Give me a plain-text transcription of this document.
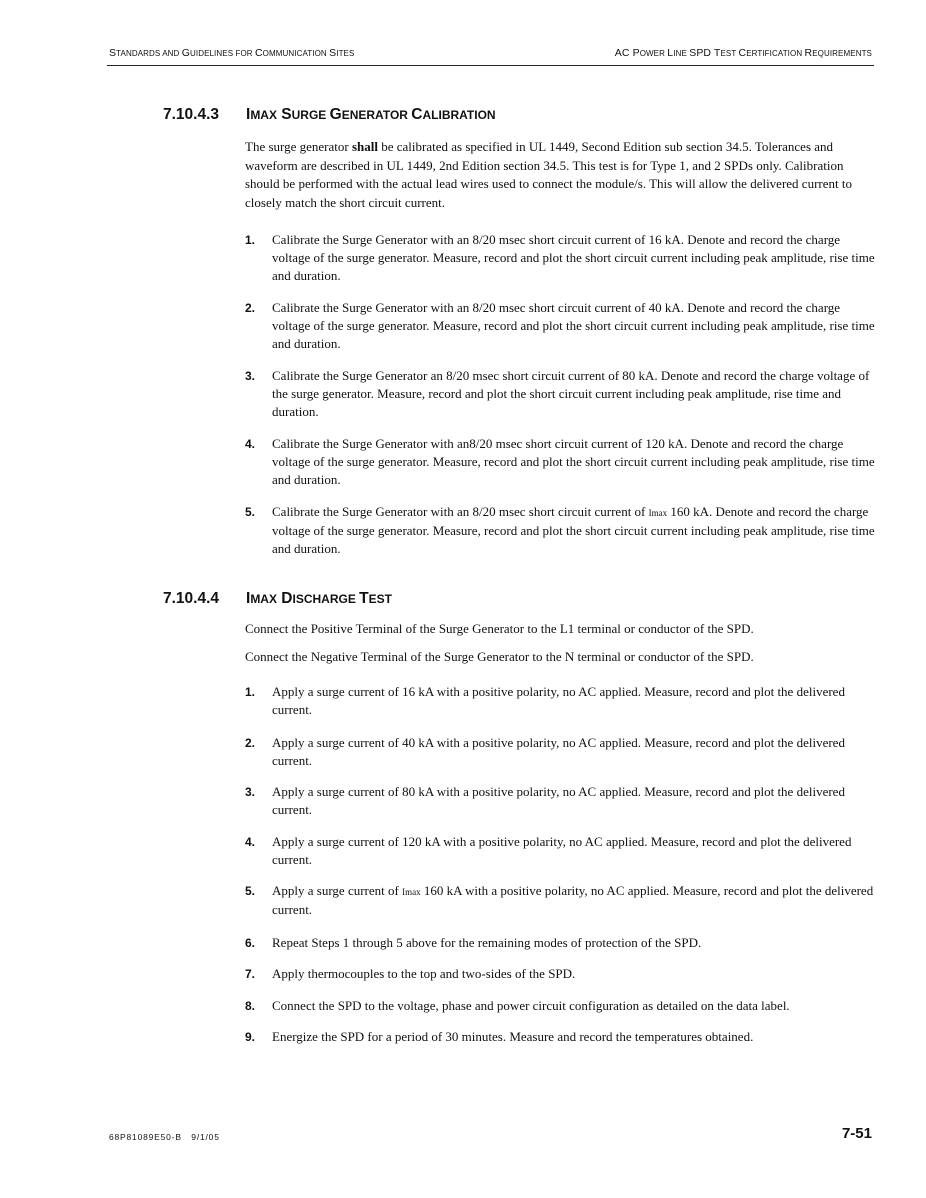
STANDARDS AND GUIDELINES FOR COMMUNICATION SITES	AC POWER LINE SPD TEST CERTIFICATION REQUIREMENTS
7.10.4.3 IMAX SURGE GENERATOR CALIBRATION
The surge generator shall be calibrated as specified in UL 1449, Second Edition sub section 34.5. Tolerances and waveform are described in UL 1449, 2nd Edition section 34.5. This test is for Type 1, and 2 SPDs only. Calibration should be performed with the actual lead wires used to connect the module/s. This will allow the delivered current to closely match the short circuit current.
1. Calibrate the Surge Generator with an 8/20 msec short circuit current of 16 kA. Denote and record the charge voltage of the surge generator. Measure, record and plot the short circuit current including peak amplitude, rise time and duration.
2. Calibrate the Surge Generator with an 8/20 msec short circuit current of 40 kA. Denote and record the charge voltage of the surge generator. Measure, record and plot the short circuit current including peak amplitude, rise time and duration.
3. Calibrate the Surge Generator an 8/20 msec short circuit current of 80 kA. Denote and record the charge voltage of the surge generator. Measure, record and plot the short circuit current including peak amplitude, rise time and duration.
4. Calibrate the Surge Generator with an8/20 msec short circuit current of 120 kA. Denote and record the charge voltage of the surge generator. Measure, record and plot the short circuit current including peak amplitude, rise time and duration.
5. Calibrate the Surge Generator with an 8/20 msec short circuit current of Imax 160 kA. Denote and record the charge voltage of the surge generator. Measure, record and plot the short circuit current including peak amplitude, rise time and duration.
7.10.4.4 IMAX DISCHARGE TEST
Connect the Positive Terminal of the Surge Generator to the L1 terminal or conductor of the SPD.
Connect the Negative Terminal of the Surge Generator to the N terminal or conductor of the SPD.
1. Apply a surge current of 16 kA with a positive polarity, no AC applied. Measure, record and plot the delivered current.
2. Apply a surge current of 40 kA with a positive polarity, no AC applied. Measure, record and plot the delivered current.
3. Apply a surge current of 80 kA with a positive polarity, no AC applied. Measure, record and plot the delivered current.
4. Apply a surge current of 120 kA with a positive polarity, no AC applied. Measure, record and plot the delivered current.
5. Apply a surge current of Imax 160 kA with a positive polarity, no AC applied. Measure, record and plot the delivered current.
6. Repeat Steps 1 through 5 above for the remaining modes of protection of the SPD.
7. Apply thermocouples to the top and two-sides of the SPD.
8. Connect the SPD to the voltage, phase and power circuit configuration as detailed on the data label.
9. Energize the SPD for a period of 30 minutes. Measure and record the temperatures obtained.
68P81089E50-B 9/1/05	7-51
